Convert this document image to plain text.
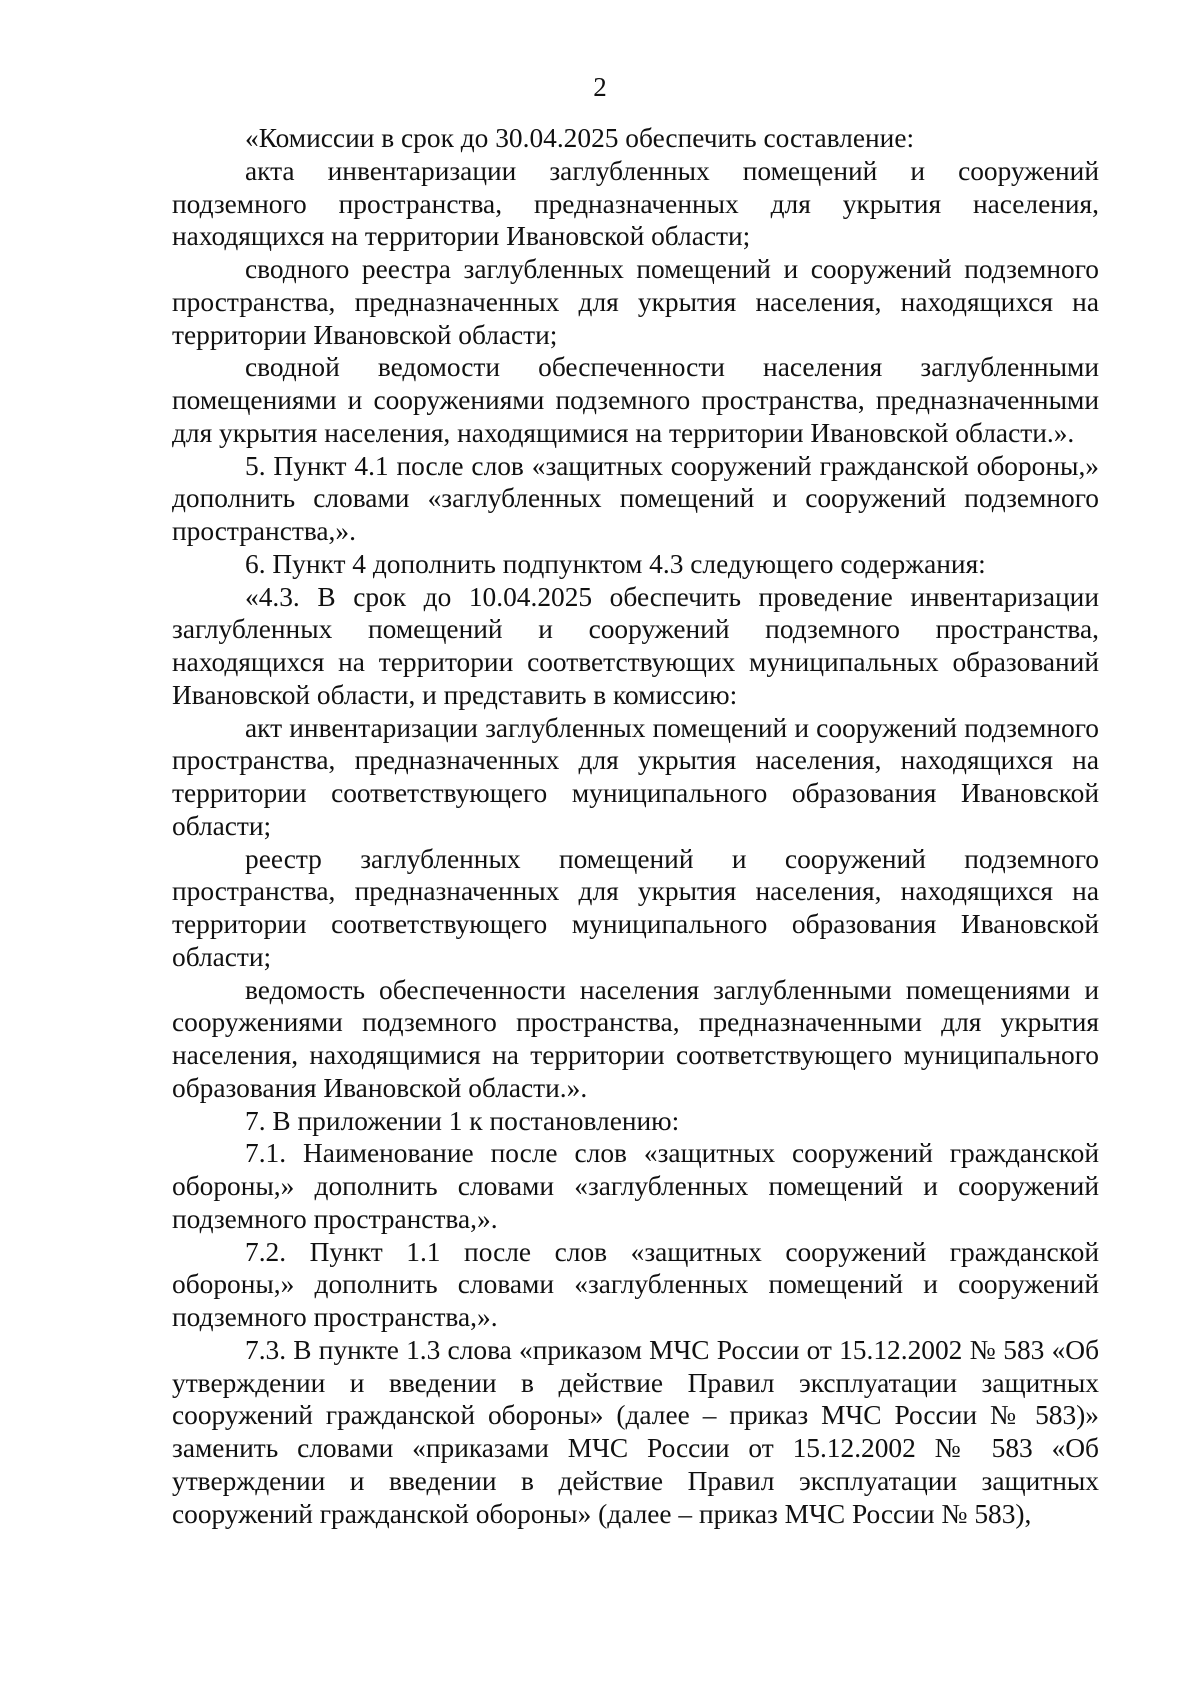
2

«Комиссии в срок до 30.04.2025 обеспечить составление:

акта инвентаризации заглубленных помещений и сооружений подземного пространства, предназначенных для укрытия населения, находящихся на территории Ивановской области;

сводного реестра заглубленных помещений и сооружений подземного пространства, предназначенных для укрытия населения, находящихся на территории Ивановской области;

сводной ведомости обеспеченности населения заглубленными помещениями и сооружениями подземного пространства, предназначенными для укрытия населения, находящимися на территории Ивановской области.».

5. Пункт 4.1 после слов «защитных сооружений гражданской обороны,» дополнить словами «заглубленных помещений и сооружений подземного пространства,».

6. Пункт 4 дополнить подпунктом 4.3 следующего содержания:

«4.3. В срок до 10.04.2025 обеспечить проведение инвентаризации заглубленных помещений и сооружений подземного пространства, находящихся на территории соответствующих муниципальных образований Ивановской области, и представить в комиссию:

акт инвентаризации заглубленных помещений и сооружений подземного пространства, предназначенных для укрытия населения, находящихся на территории соответствующего муниципального образования Ивановской области;

реестр заглубленных помещений и сооружений подземного пространства, предназначенных для укрытия населения, находящихся на территории соответствующего муниципального образования Ивановской области;

ведомость обеспеченности населения заглубленными помещениями и сооружениями подземного пространства, предназначенными для укрытия населения, находящимися на территории соответствующего муниципального образования Ивановской области.».

7. В приложении 1 к постановлению:

7.1. Наименование после слов «защитных сооружений гражданской обороны,» дополнить словами «заглубленных помещений и сооружений подземного пространства,».

7.2. Пункт 1.1 после слов «защитных сооружений гражданской обороны,» дополнить словами «заглубленных помещений и сооружений подземного пространства,».

7.3. В пункте 1.3 слова «приказом МЧС России от 15.12.2002 № 583 «Об утверждении и введении в действие Правил эксплуатации защитных сооружений гражданской обороны» (далее – приказ МЧС России № 583)» заменить словами «приказами МЧС России от 15.12.2002 № 583 «Об утверждении и введении в действие Правил эксплуатации защитных сооружений гражданской обороны» (далее – приказ МЧС России № 583),
